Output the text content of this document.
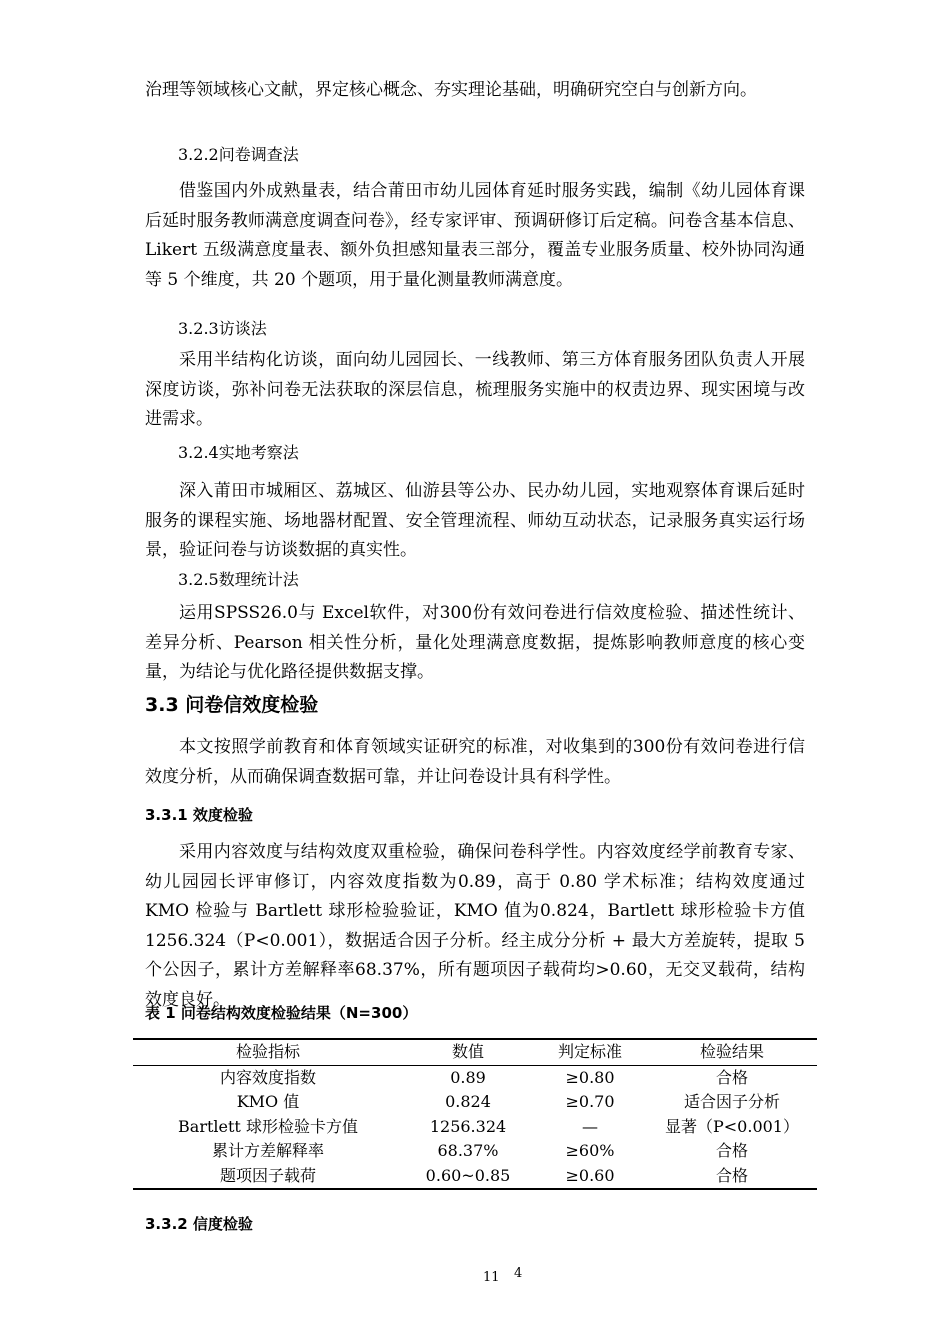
治理等领域核心文献，界定核心概念、夯实理论基础，明确研究空白与创新方向。

3.2.2问卷调查法

借鉴国内外成熟量表，结合莆田市幼儿园体育延时服务实践，编制《幼儿园体育课后延时服务教师满意度调查问卷》，经专家评审、预调研修订后定稿。问卷含基本信息、Likert 五级满意度量表、额外负担感知量表三部分，覆盖专业服务质量、校外协同沟通等 5 个维度，共 20 个题项，用于量化测量教师满意度。

3.2.3访谈法

采用半结构化访谈，面向幼儿园园长、一线教师、第三方体育服务团队负责人开展深度访谈，弥补问卷无法获取的深层信息，梳理服务实施中的权责边界、现实困境与改进需求。

3.2.4实地考察法

深入莆田市城厢区、荔城区、仙游县等公办、民办幼儿园，实地观察体育课后延时服务的课程实施、场地器材配置、安全管理流程、师幼互动状态，记录服务真实运行场景，验证问卷与访谈数据的真实性。

3.2.5数理统计法

运用SPSS26.0与 Excel软件，对300份有效问卷进行信效度检验、描述性统计、差异分析、Pearson 相关性分析，量化处理满意度数据，提炼影响教师意度的核心变量，为结论与优化路径提供数据支撑。

3.3 问卷信效度检验

本文按照学前教育和体育领域实证研究的标准，对收集到的300份有效问卷进行信效度分析，从而确保调查数据可靠，并让问卷设计具有科学性。

3.3.1 效度检验

采用内容效度与结构效度双重检验，确保问卷科学性。内容效度经学前教育专家、幼儿园园长评审修订，内容效度指数为0.89，高于 0.80 学术标准；结构效度通过 KMO 检验与 Bartlett 球形检验验证，KMO 值为0.824，Bartlett 球形检验卡方值 1256.324（P<0.001），数据适合因子分析。经主成分分析 + 最大方差旋转，提取 5 个公因子，累计方差解释率68.37%，所有题项因子载荷均>0.60，无交叉载荷，结构效度良好。

表 1 问卷结构效度检验结果（N=300）

检验指标	数值	判定标准	检验结果
内容效度指数	0.89	≥0.80	合格
KMO 值	0.824	≥0.70	适合因子分析
Bartlett 球形检验卡方值	1256.324	—	显著（P<0.001）
累计方差解释率	68.37%	≥60%	合格
题项因子载荷	0.60~0.85	≥0.60	合格
3.3.2 信度检验
11 4
